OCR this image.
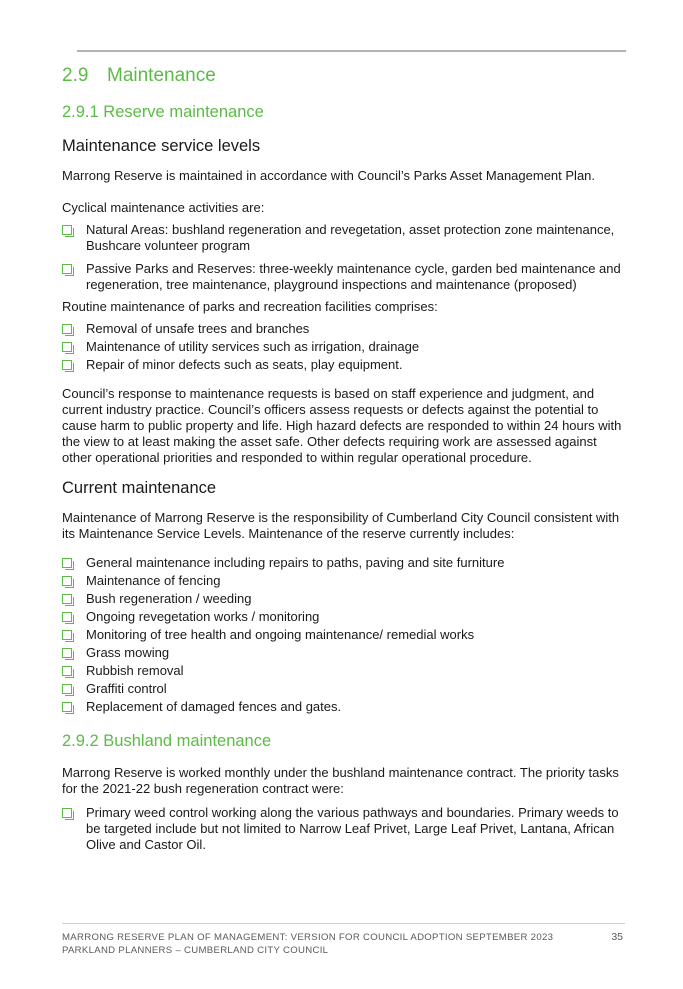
2.9 Maintenance
2.9.1 Reserve maintenance
Maintenance service levels

Marrong Reserve is maintained in accordance with Council’s Parks Asset Management Plan.

Cyclical maintenance activities are:

Natural Areas: bushland regeneration and revegetation, asset protection zone maintenance, Bushcare volunteer program
Passive Parks and Reserves: three-weekly maintenance cycle, garden bed maintenance and regeneration, tree maintenance, playground inspections and maintenance (proposed)

Routine maintenance of parks and recreation facilities comprises:

Removal of unsafe trees and branches
Maintenance of utility services such as irrigation, drainage
Repair of minor defects such as seats, play equipment.

Council’s response to maintenance requests is based on staff experience and judgment, and current industry practice. Council’s officers assess requests or defects against the potential to cause harm to public property and life. High hazard defects are responded to within 24 hours with the view to at least making the asset safe. Other defects requiring work are assessed against other operational priorities and responded to within regular operational procedure.

Current maintenance

Maintenance of Marrong Reserve is the responsibility of Cumberland City Council consistent with its Maintenance Service Levels. Maintenance of the reserve currently includes:

General maintenance including repairs to paths, paving and site furniture
Maintenance of fencing
Bush regeneration / weeding
Ongoing revegetation works / monitoring
Monitoring of tree health and ongoing maintenance/ remedial works
Grass mowing
Rubbish removal
Graffiti control
Replacement of damaged fences and gates.
2.9.2 Bushland maintenance

Marrong Reserve is worked monthly under the bushland maintenance contract. The priority tasks for the 2021-22 bush regeneration contract were:

Primary weed control working along the various pathways and boundaries. Primary weeds to be targeted include but not limited to Narrow Leaf Privet, Large Leaf Privet, Lantana, African Olive and Castor Oil.
MARRONG RESERVE PLAN OF MANAGEMENT: VERSION FOR COUNCIL ADOPTION SEPTEMBER 2023
PARKLAND PLANNERS – CUMBERLAND CITY COUNCIL
35
